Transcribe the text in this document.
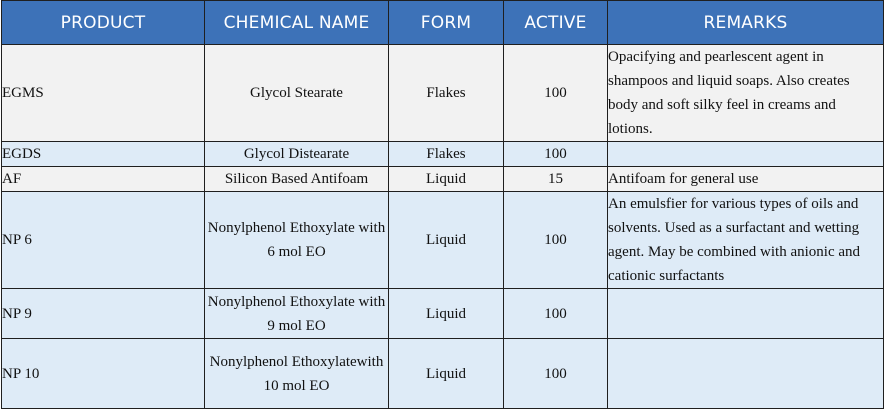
PRODUCT	CHEMICAL NAME	FORM	ACTIVE	REMARKS
EGMS	Glycol Stearate	Flakes	100	Opacifying and pearlescent agent in shampoos and liquid soaps. Also creates body and soft silky feel in creams and lotions.
EGDS	Glycol Distearate	Flakes	100	
AF	Silicon Based Antifoam	Liquid	15	Antifoam for general use
NP 6	Nonylphenol Ethoxylate with 6 mol EO	Liquid	100	An emulsfier for various types of oils and solvents. Used as a surfactant and wetting agent. May be combined with anionic and cationic surfactants
NP 9	Nonylphenol Ethoxylate with 9 mol EO	Liquid	100	
NP 10	Nonylphenol Ethoxylatewith 10 mol EO	Liquid	100	
